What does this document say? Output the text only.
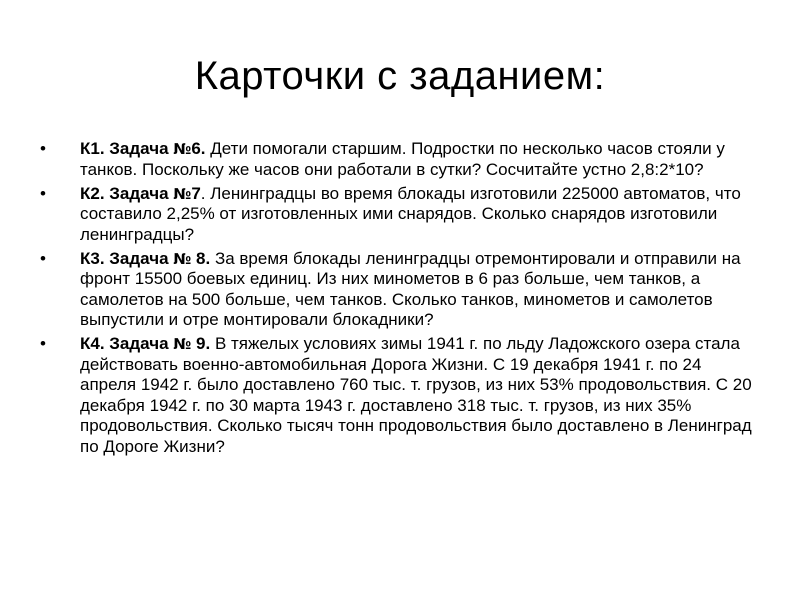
Карточки с заданием:
•	К1. Задача №6. Дети помогали старшим. Подростки по несколько часов стояли у танков. Поскольку же часов они работали в сутки? Сосчитайте устно 2,8:2*10?
•	К2. Задача №7. Ленинградцы во время блокады изготовили 225000 автоматов, что составило 2,25% от изготовленных ими снарядов. Сколько снарядов изготовили ленинградцы?
•	К3. Задача № 8. За время блокады ленинградцы отремонтировали и отправили на фронт 15500 боевых единиц. Из них минометов в 6 раз больше, чем танков, а самолетов на 500 больше, чем танков. Сколько танков, минометов и самолетов выпустили и отре монтировали блокадники?
•	К4. Задача № 9. В тяжелых условиях зимы 1941 г. по льду Ладожского озера стала действовать военно-автомобильная Дорога Жизни. С 19 декабря 1941 г. по 24 апреля 1942 г. было доставлено 760 тыс. т. грузов, из них 53% продовольствия. С 20 декабря 1942 г. по 30 марта 1943 г. доставлено 318 тыс. т. грузов, из них 35% продовольствия. Сколько тысяч тонн продовольствия было доставлено в Ленинград по Дороге Жизни?
